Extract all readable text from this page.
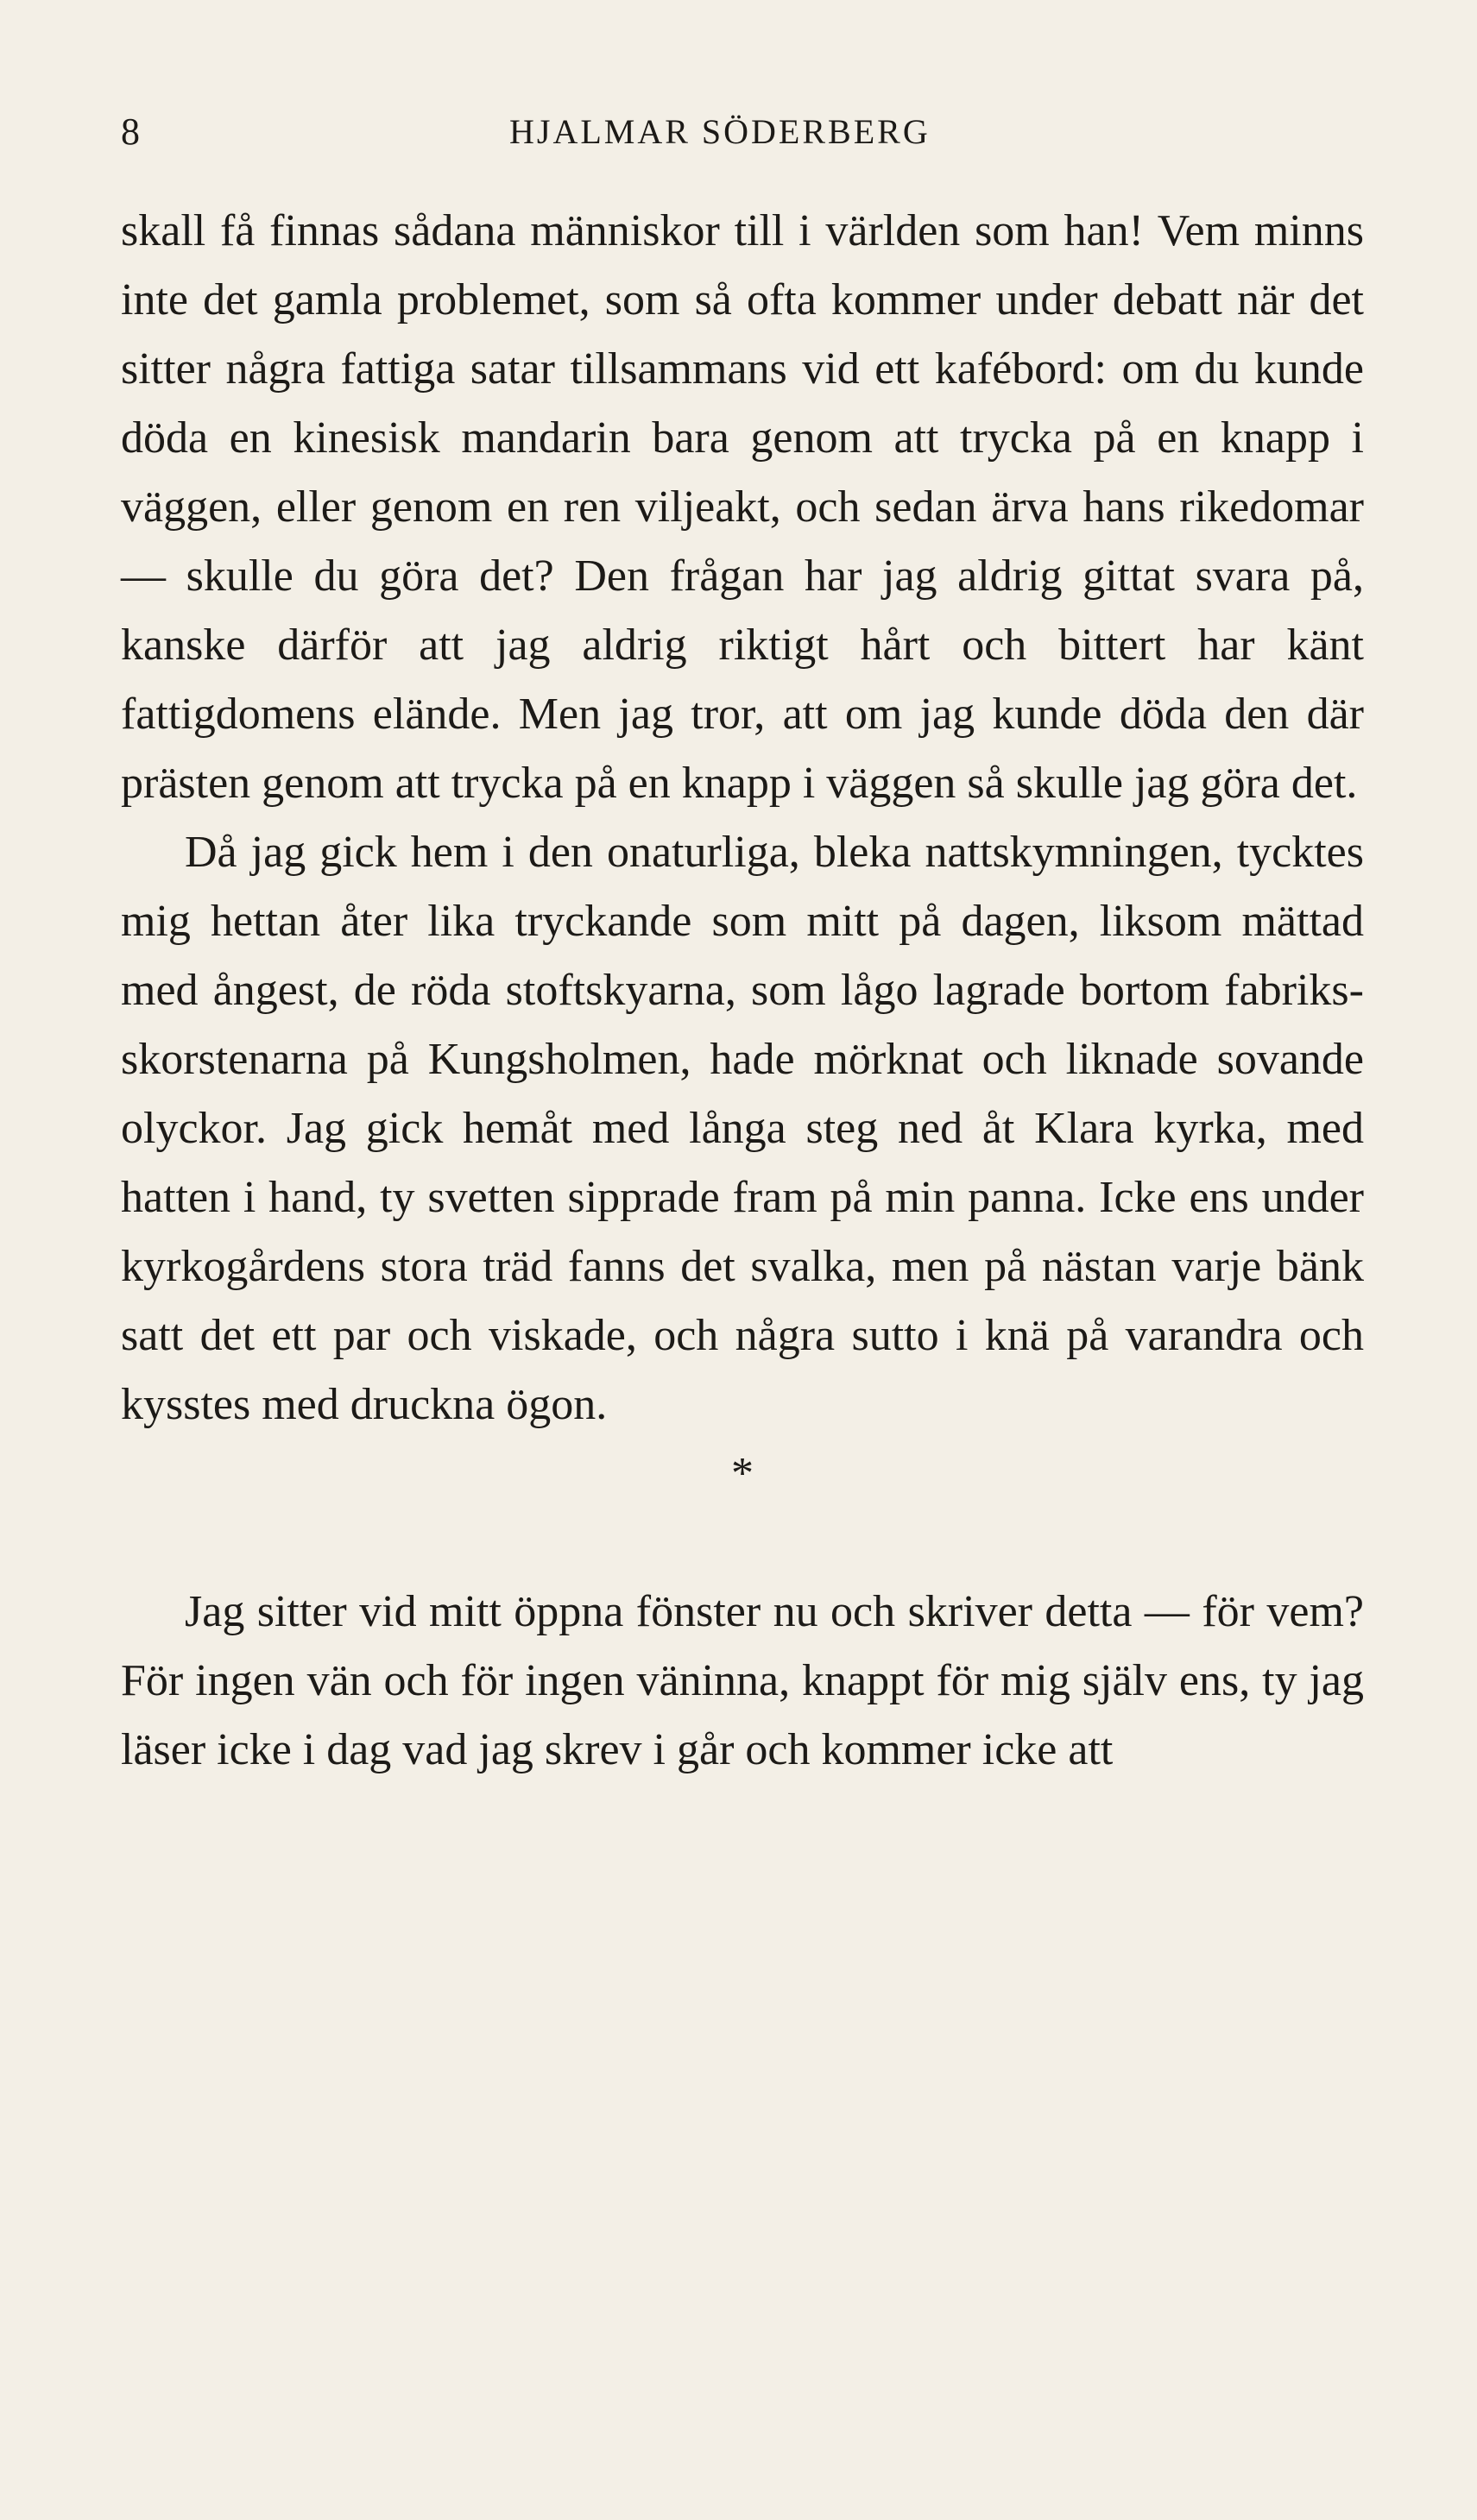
8	HJALMAR SÖDERBERG

skall få finnas sådana människor till i världen som han! Vem minns inte det gamla problemet, som så ofta kommer under debatt när det sitter några fattiga satar tillsammans vid ett kafébord: om du kunde döda en kinesisk mandarin bara genom att trycka på en knapp i väggen, eller genom en ren viljeakt, och sedan ärva hans rikedomar — skulle du göra det? Den frågan har jag aldrig gittat svara på, kanske därför att jag aldrig riktigt hårt och bittert har känt fattigdomens elände. Men jag tror, att om jag kunde döda den där prästen genom att trycka på en knapp i väggen så skulle jag göra det.

Då jag gick hem i den onaturliga, bleka nattskymningen, tycktes mig hettan åter lika tryckande som mitt på dagen, liksom mättad med ångest, de röda stoftskyarna, som lågo lagrade bortom fabriksskorstenarna på Kungsholmen, hade mörknat och liknade sovande olyckor. Jag gick hemåt med långa steg ned åt Klara kyrka, med hatten i hand, ty svetten sipprade fram på min panna. Icke ens under kyrkogårdens stora träd fanns det svalka, men på nästan varje bänk satt det ett par och viskade, och några sutto i knä på varandra och kysstes med druckna ögon.

*

Jag sitter vid mitt öppna fönster nu och skriver detta — för vem? För ingen vän och för ingen väninna, knappt för mig själv ens, ty jag läser icke i dag vad jag skrev i går och kommer icke att
